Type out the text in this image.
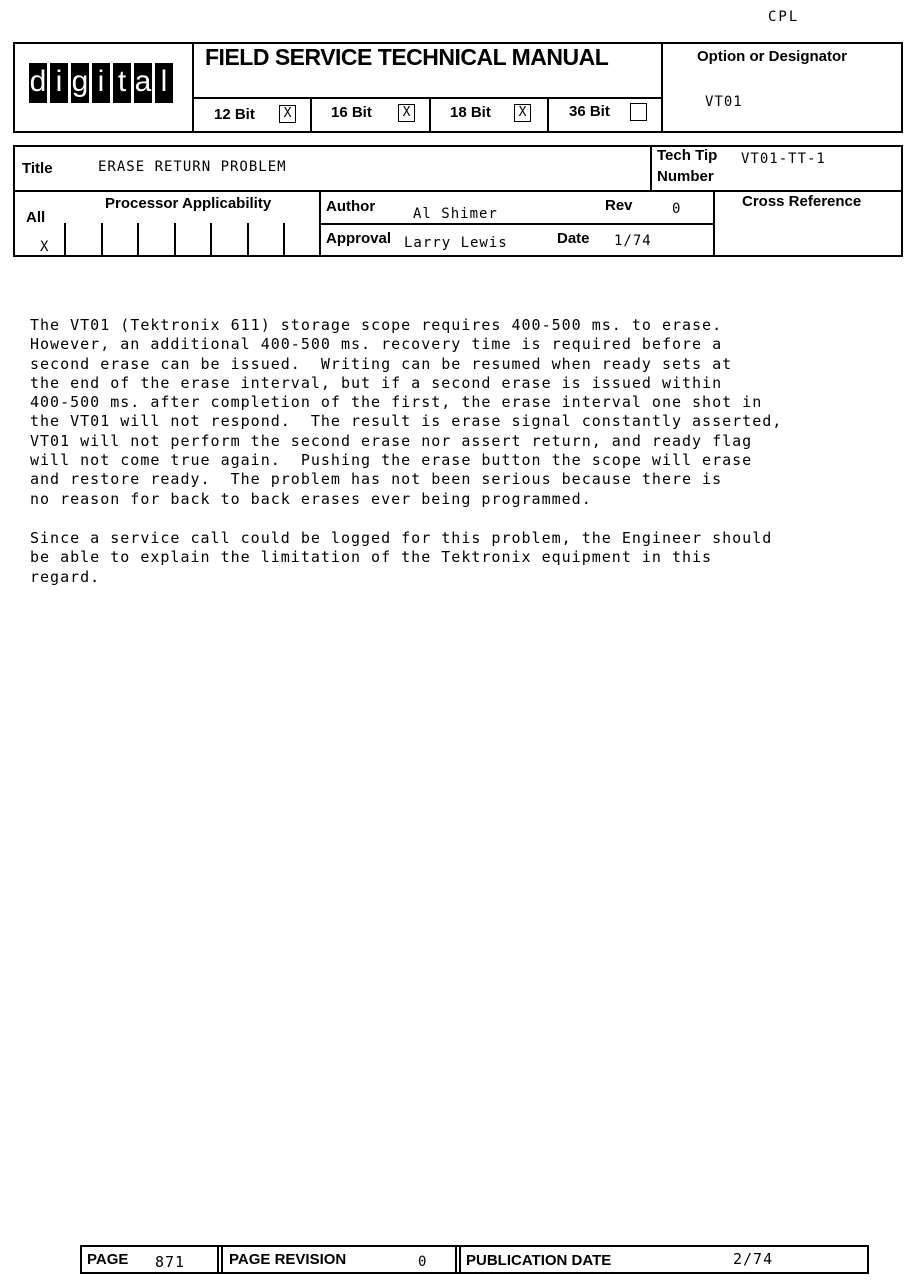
CPL
d i g i t a l
FIELD SERVICE TECHNICAL MANUAL
12 Bit	X	16 Bit	X	18 Bit	X	36 Bit
Option or Designator
VT01
Title	ERASE RETURN PROBLEM
Tech Tip
Number
VT01-TT-1
Processor Applicability
All
X
Author	Al Shimer	Rev	0
Approval Larry Lewis	Date 1/74
Cross Reference
The VT01 (Tektronix 611) storage scope requires 400-500 ms. to erase.
However, an additional 400-500 ms. recovery time is required before a
second erase can be issued.  Writing can be resumed when ready sets at
the end of the erase interval, but if a second erase is issued within
400-500 ms. after completion of the first, the erase interval one shot in
the VT01 will not respond.  The result is erase signal constantly asserted,
VT01 will not perform the second erase nor assert return, and ready flag
will not come true again.  Pushing the erase button the scope will erase
and restore ready.  The problem has not been serious because there is
no reason for back to back erases ever being programmed.
Since a service call could be logged for this problem, the Engineer should
be able to explain the limitation of the Tektronix equipment in this
regard.
PAGE 871	PAGE REVISION	0	PUBLICATION DATE	2/74
